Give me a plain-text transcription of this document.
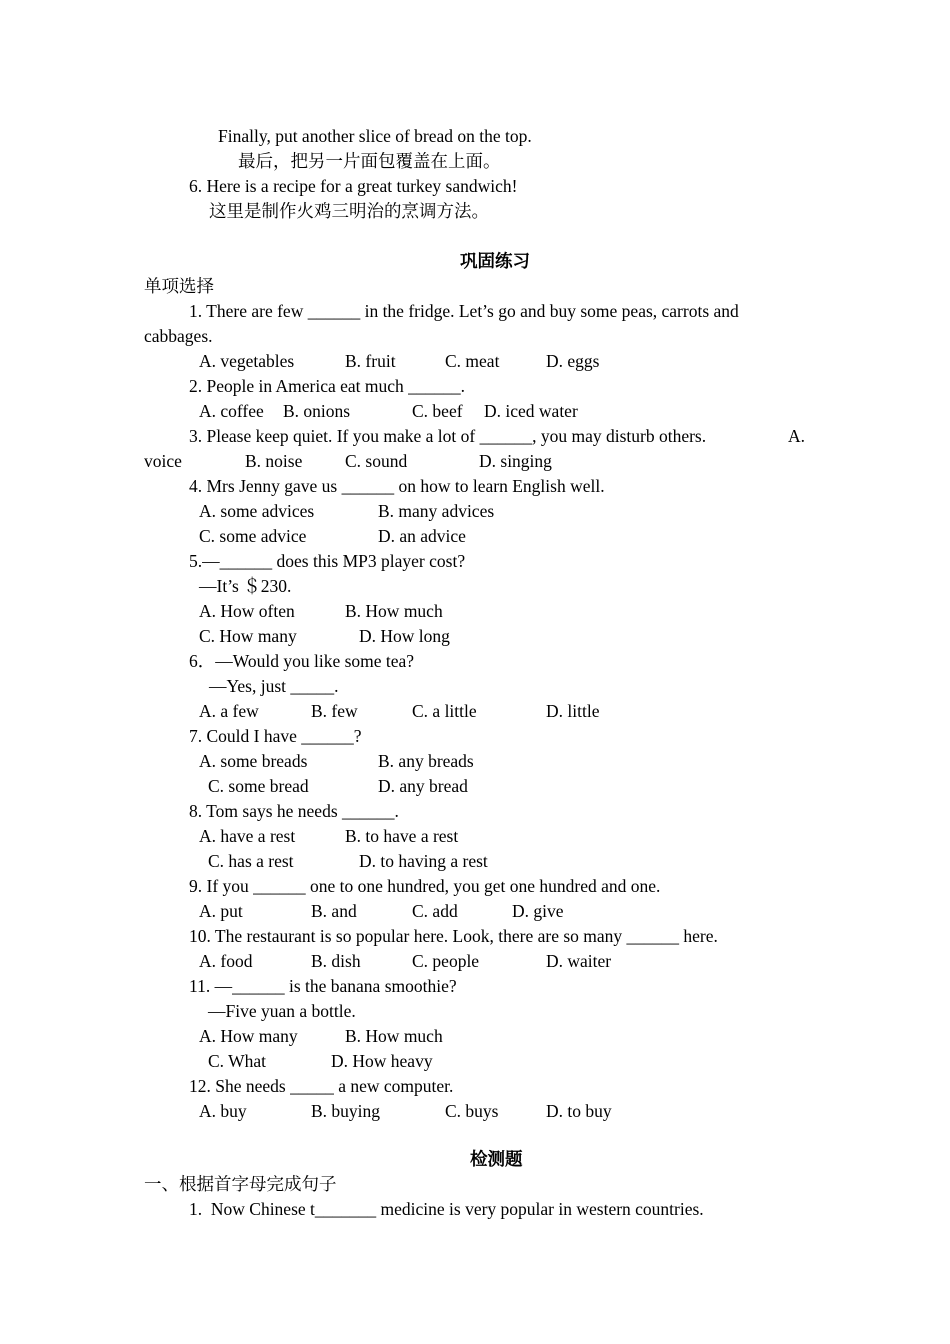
Finally, put another slice of bread on the top.
最后，把另一片面包覆盖在上面。
6. Here is a recipe for a great turkey sandwich!
这里是制作火鸡三明治的烹调方法。
巩固练习
单项选择
1. There are few ______ in the fridge. Let’s go and buy some peas, carrots and
cabbages.
A. vegetables	B. fruit	C. meat	D. eggs
2. People in America eat much ______.
A. coffee B. onions	C. beef D. iced water
3. Please keep quiet. If you make a lot of ______, you may disturb others.	A.
voice	B. noise C. sound	D. singing
4. Mrs Jenny gave us ______ on how to learn English well.
A. some advices	B. many advices
C. some advice	D. an advice
5.—______ does this MP3 player cost?
—It’s ＄230.
A. How often	B. How much
C. How many	D. How long
6．—Would you like some tea?
—Yes, just _____.
A. a few	B. few	C. a little	D. little
7. Could I have ______?
A. some breads	B. any breads
C. some bread	D. any bread
8. Tom says he needs ______.
A. have a rest	B. to have a rest
C. has a rest	D. to having a rest
9. If you ______ one to one hundred, you get one hundred and one.
A. put	B. and	C. add	D. give
10. The restaurant is so popular here. Look, there are so many ______ here.
A. food	B. dish	C. people	D. waiter
11. —______ is the banana smoothie?
—Five yuan a bottle.
A. How many	B. How much
C. What	D. How heavy
12. She needs _____ a new computer.
A. buy	B. buying	C. buys	D. to buy
检测题
一、根据首字母完成句子
1.  Now Chinese t_______ medicine is very popular in western countries.
